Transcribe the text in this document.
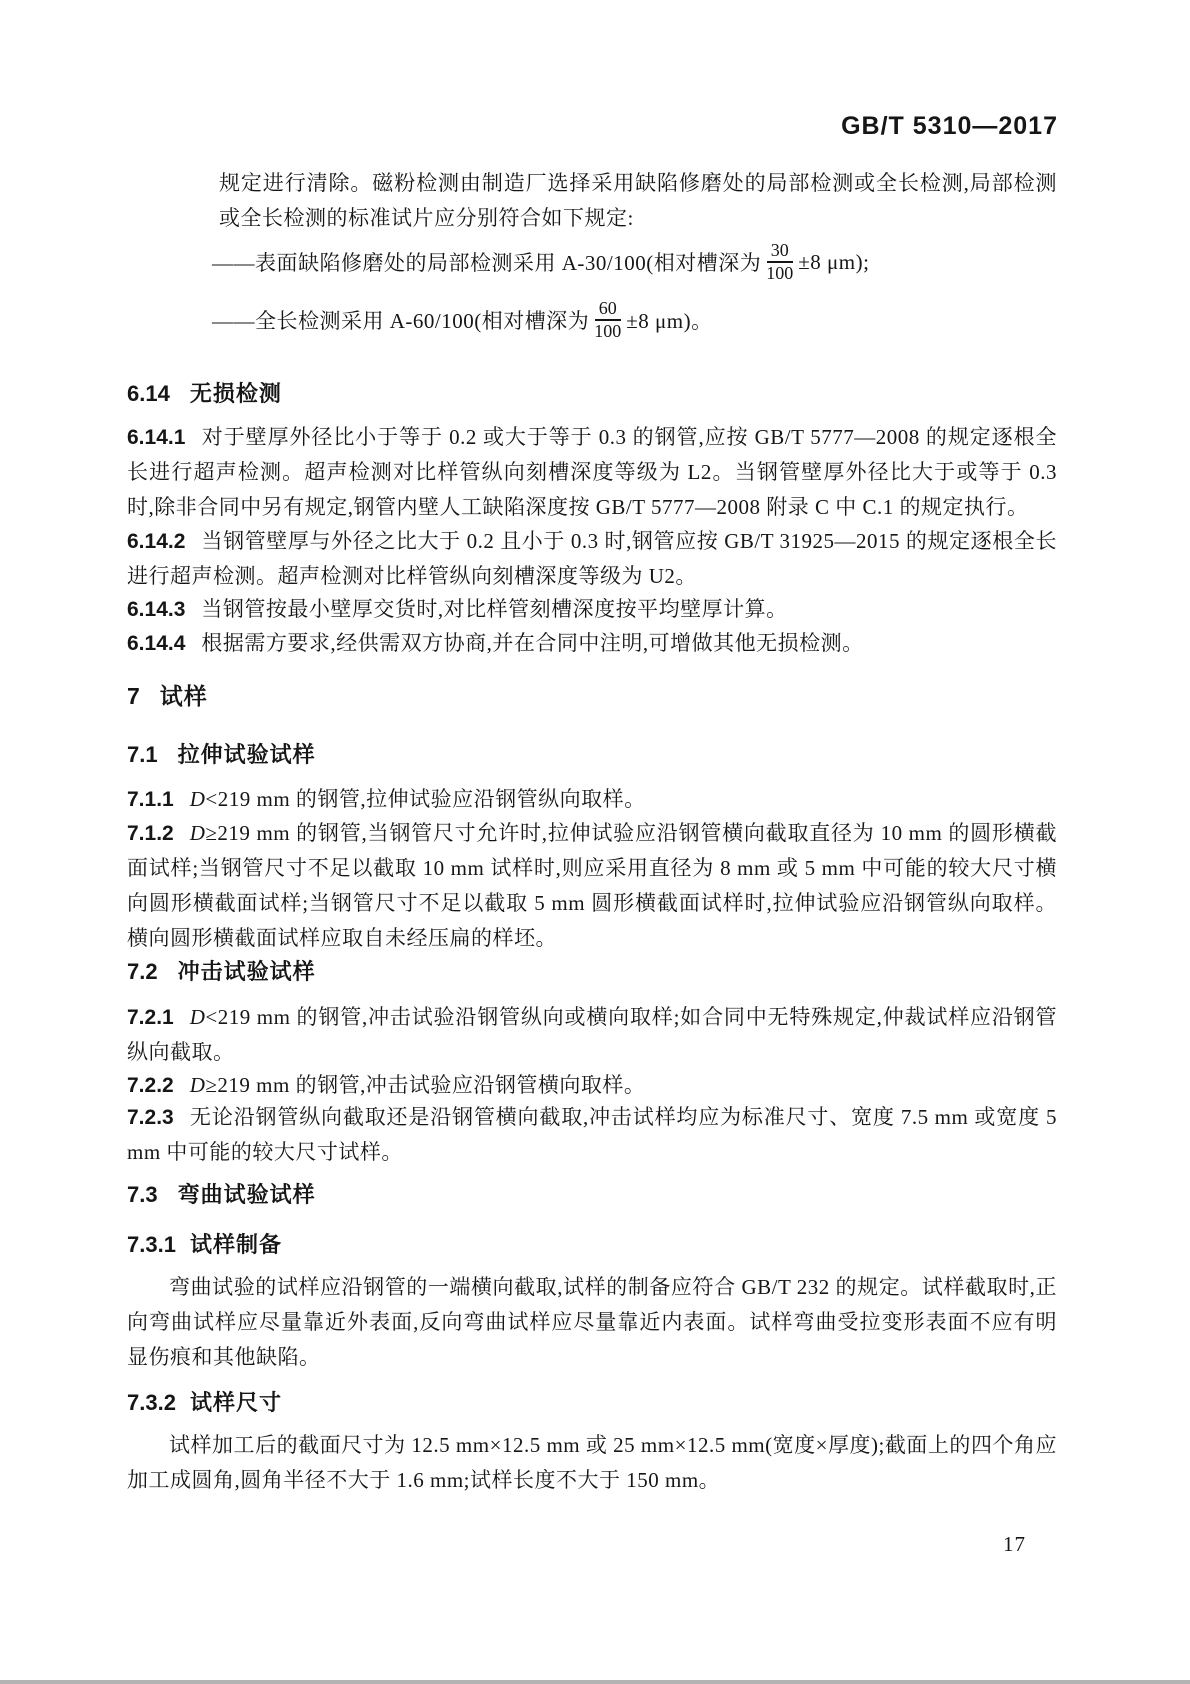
GB/T 5310—2017
规定进行清除。磁粉检测由制造厂选择采用缺陷修磨处的局部检测或全长检测,局部检测或全长检测的标准试片应分别符合如下规定:
——表面缺陷修磨处的局部检测采用 A-30/100(相对槽深为 $\frac{30}{100} \pm 8$ μm);
——全长检测采用 A-60/100(相对槽深为 $\frac{60}{100} \pm 8$ μm)。
6.14 无损检测
6.14.1 对于壁厚外径比小于等于 0.2 或大于等于 0.3 的钢管,应按 GB/T 5777—2008 的规定逐根全长进行超声检测。超声检测对比样管纵向刻槽深度等级为 L2。当钢管壁厚外径比大于或等于 0.3 时,除非合同中另有规定,钢管内壁人工缺陷深度按 GB/T 5777—2008 附录 C 中 C.1 的规定执行。
6.14.2 当钢管壁厚与外径之比大于 0.2 且小于 0.3 时,钢管应按 GB/T 31925—2015 的规定逐根全长进行超声检测。超声检测对比样管纵向刻槽深度等级为 U2。
6.14.3 当钢管按最小壁厚交货时,对比样管刻槽深度按平均壁厚计算。
6.14.4 根据需方要求,经供需双方协商,并在合同中注明,可增做其他无损检测。
7 试样
7.1 拉伸试验试样
7.1.1 D<219 mm 的钢管,拉伸试验应沿钢管纵向取样。
7.1.2 D≥219 mm 的钢管,当钢管尺寸允许时,拉伸试验应沿钢管横向截取直径为 10 mm 的圆形横截面试样;当钢管尺寸不足以截取 10 mm 试样时,则应采用直径为 8 mm 或 5 mm 中可能的较大尺寸横向圆形横截面试样;当钢管尺寸不足以截取 5 mm 圆形横截面试样时,拉伸试验应沿钢管纵向取样。横向圆形横截面试样应取自未经压扁的样坯。
7.2 冲击试验试样
7.2.1 D<219 mm 的钢管,冲击试验沿钢管纵向或横向取样;如合同中无特殊规定,仲裁试样应沿钢管纵向截取。
7.2.2 D≥219 mm 的钢管,冲击试验应沿钢管横向取样。
7.2.3 无论沿钢管纵向截取还是沿钢管横向截取,冲击试样均应为标准尺寸、宽度 7.5 mm 或宽度 5 mm 中可能的较大尺寸试样。
7.3 弯曲试验试样
7.3.1 试样制备
弯曲试验的试样应沿钢管的一端横向截取,试样的制备应符合 GB/T 232 的规定。试样截取时,正向弯曲试样应尽量靠近外表面,反向弯曲试样应尽量靠近内表面。试样弯曲受拉变形表面不应有明显伤痕和其他缺陷。
7.3.2 试样尺寸
试样加工后的截面尺寸为 12.5 mm×12.5 mm 或 25 mm×12.5 mm(宽度×厚度);截面上的四个角应加工成圆角,圆角半径不大于 1.6 mm;试样长度不大于 150 mm。
17
